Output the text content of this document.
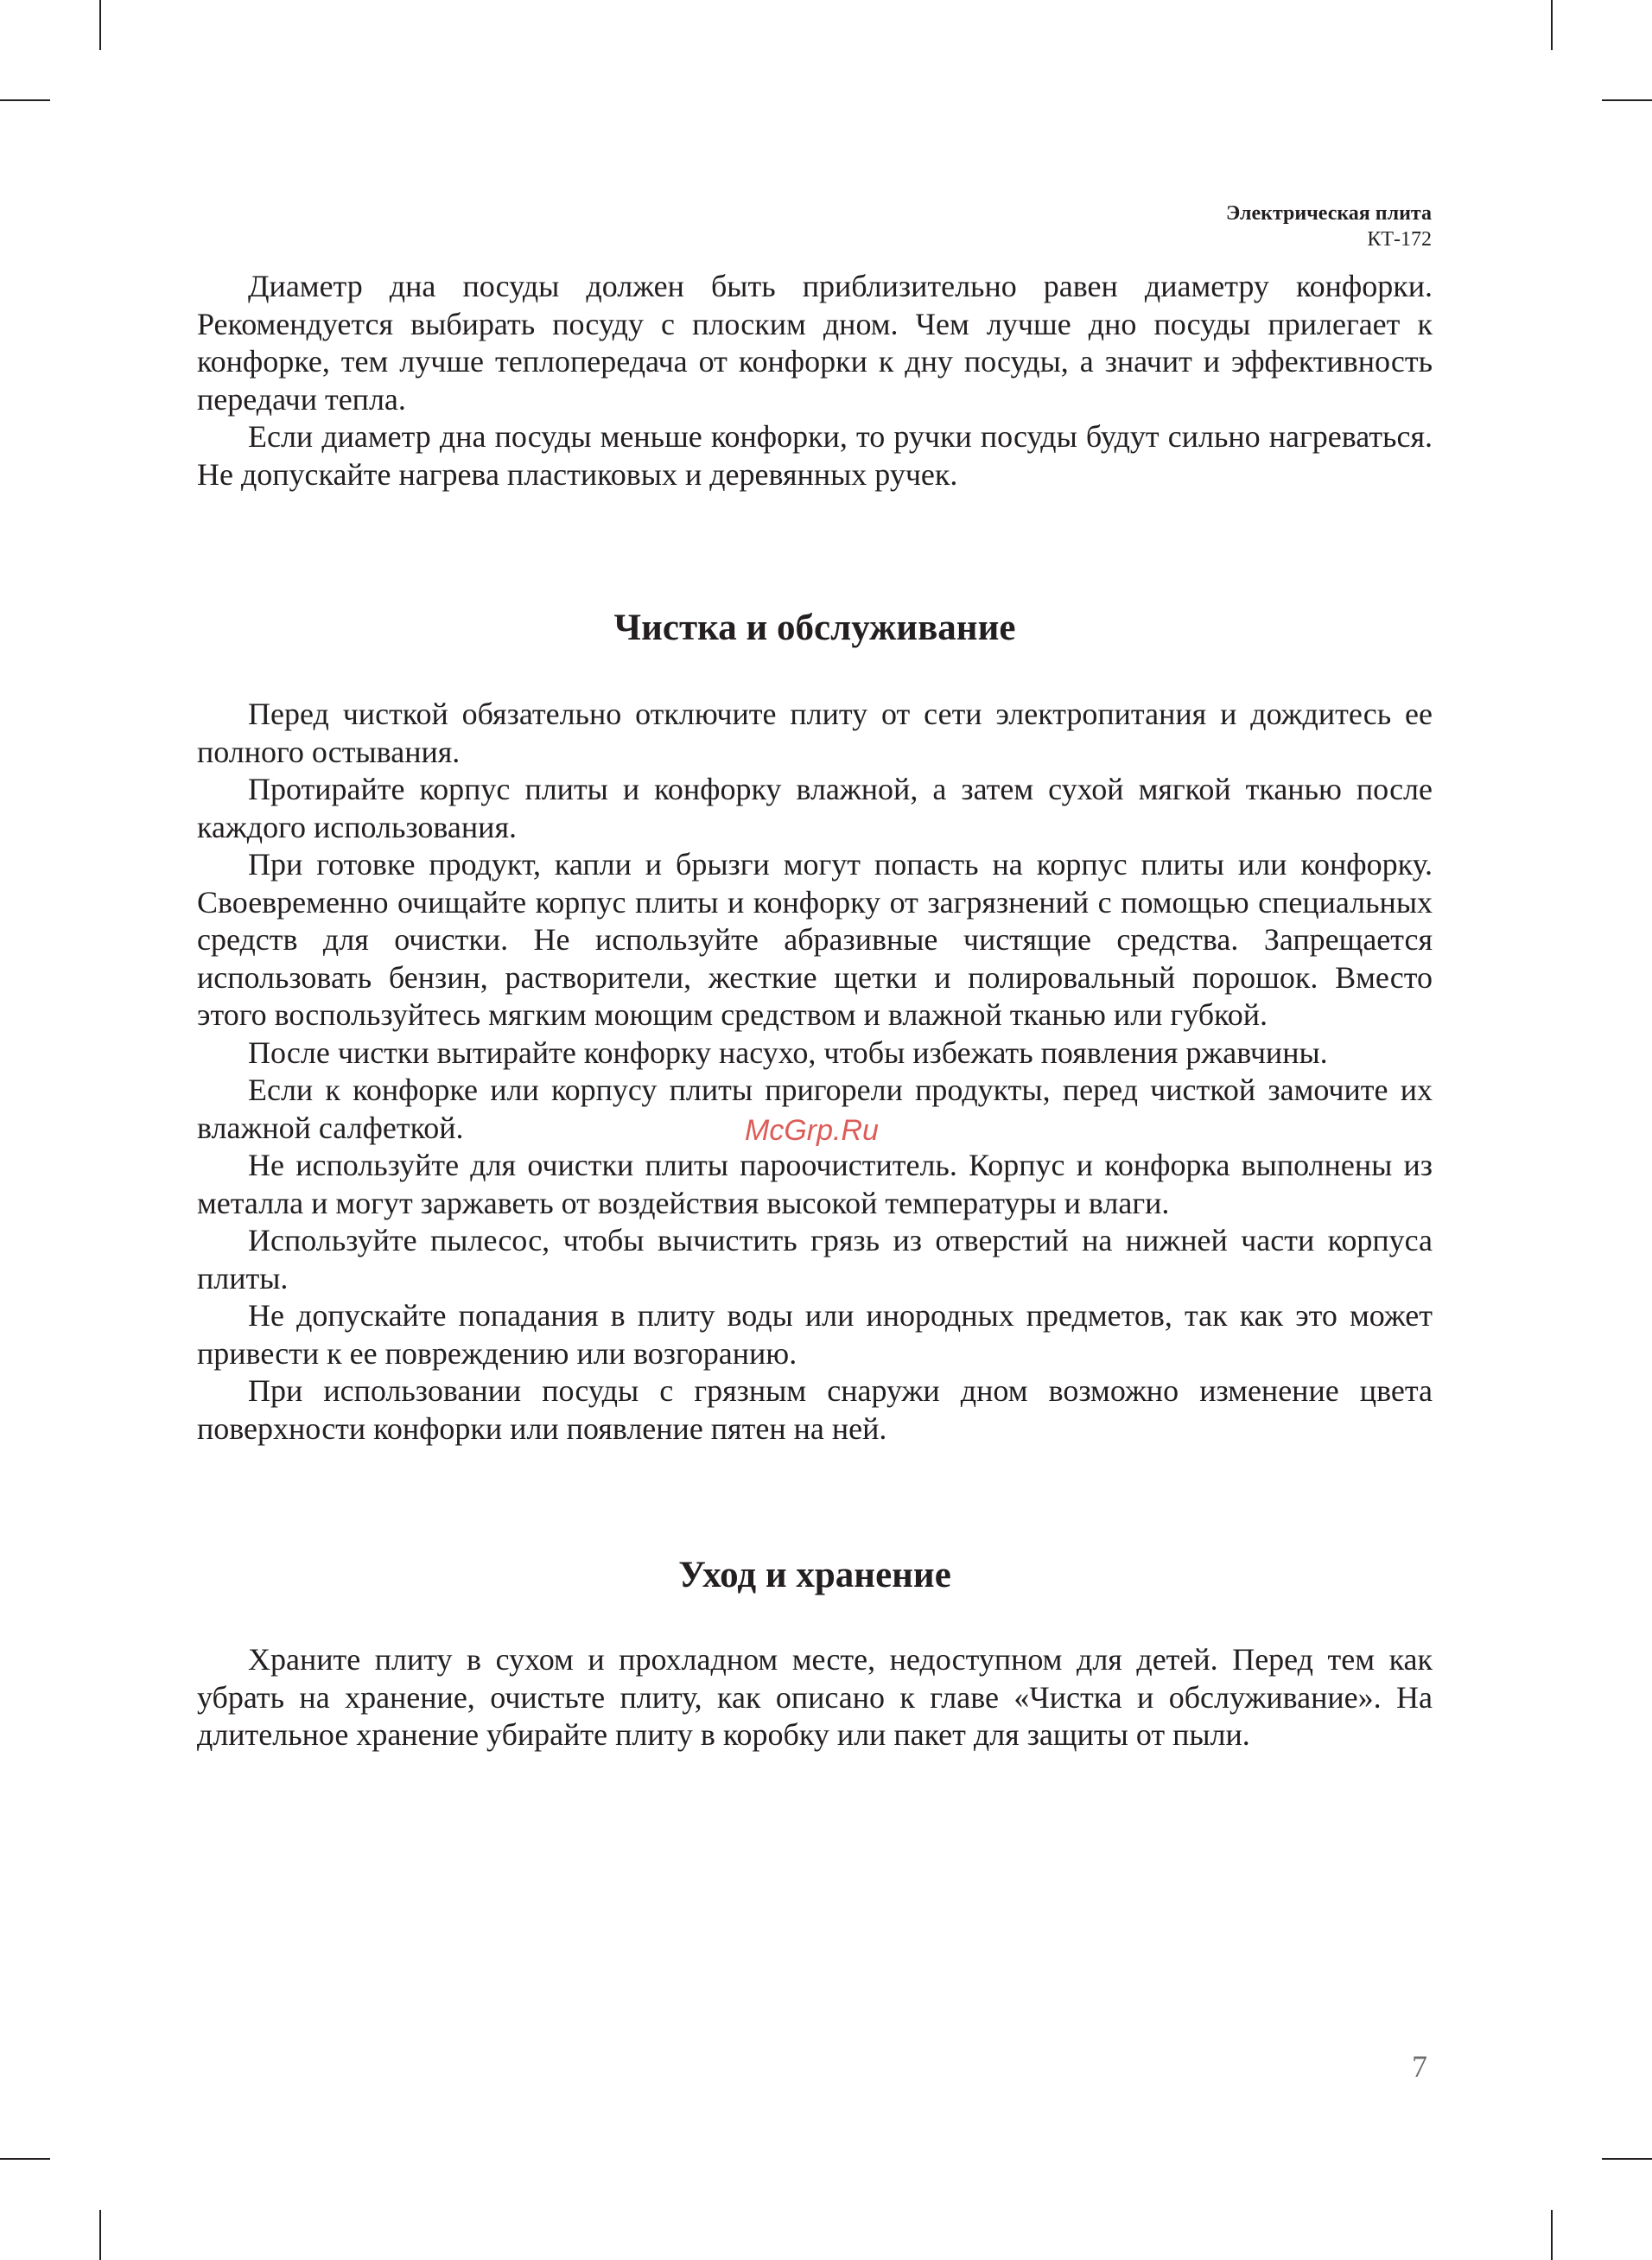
Электрическая плита
КТ-172

Диаметр дна посуды должен быть приблизительно равен диаметру конфорки. Рекомендуется выбирать посуду с плоским дном. Чем лучше дно посуды прилегает к конфорке, тем лучше теплопередача от конфорки к дну посуды, а значит и эффективность передачи тепла.

Если диаметр дна посуды меньше конфорки, то ручки посуды будут сильно нагреваться. Не допускайте нагрева пластиковых и деревянных ручек.

Чистка и обслуживание

Перед чисткой обязательно отключите плиту от сети электропитания и дождитесь ее полного остывания.

Протирайте корпус плиты и конфорку влажной, а затем сухой мягкой тканью после каждого использования.

При готовке продукт, капли и брызги могут попасть на корпус плиты или конфорку. Своевременно очищайте корпус плиты и конфорку от загрязнений с помощью специальных средств для очистки. Не используйте абразивные чистящие средства. Запрещается использовать бензин, растворители, жесткие щетки и полировальный порошок. Вместо этого воспользуйтесь мягким моющим средством и влажной тканью или губкой.

После чистки вытирайте конфорку насухо, чтобы избежать появления ржавчины.

Если к конфорке или корпусу плиты пригорели продукты, перед чисткой замочите их влажной салфеткой.

Не используйте для очистки плиты пароочиститель. Корпус и конфорка выполнены из металла и могут заржаветь от воздействия высокой температуры и влаги.

Используйте пылесос, чтобы вычистить грязь из отверстий на нижней части корпуса плиты.

Не допускайте попадания в плиту воды или инородных предметов, так как это может привести к ее повреждению или возгоранию.

При использовании посуды с грязным снаружи дном возможно изменение цвета поверхности конфорки или появление пятен на ней.

Уход и хранение

Храните плиту в сухом и прохладном месте, недоступном для детей. Перед тем как убрать на хранение, очистьте плиту, как описано к главе «Чистка и обслуживание». На длительное хранение убирайте плиту в коробку или пакет для защиты от пыли.

McGrp.Ru
7
